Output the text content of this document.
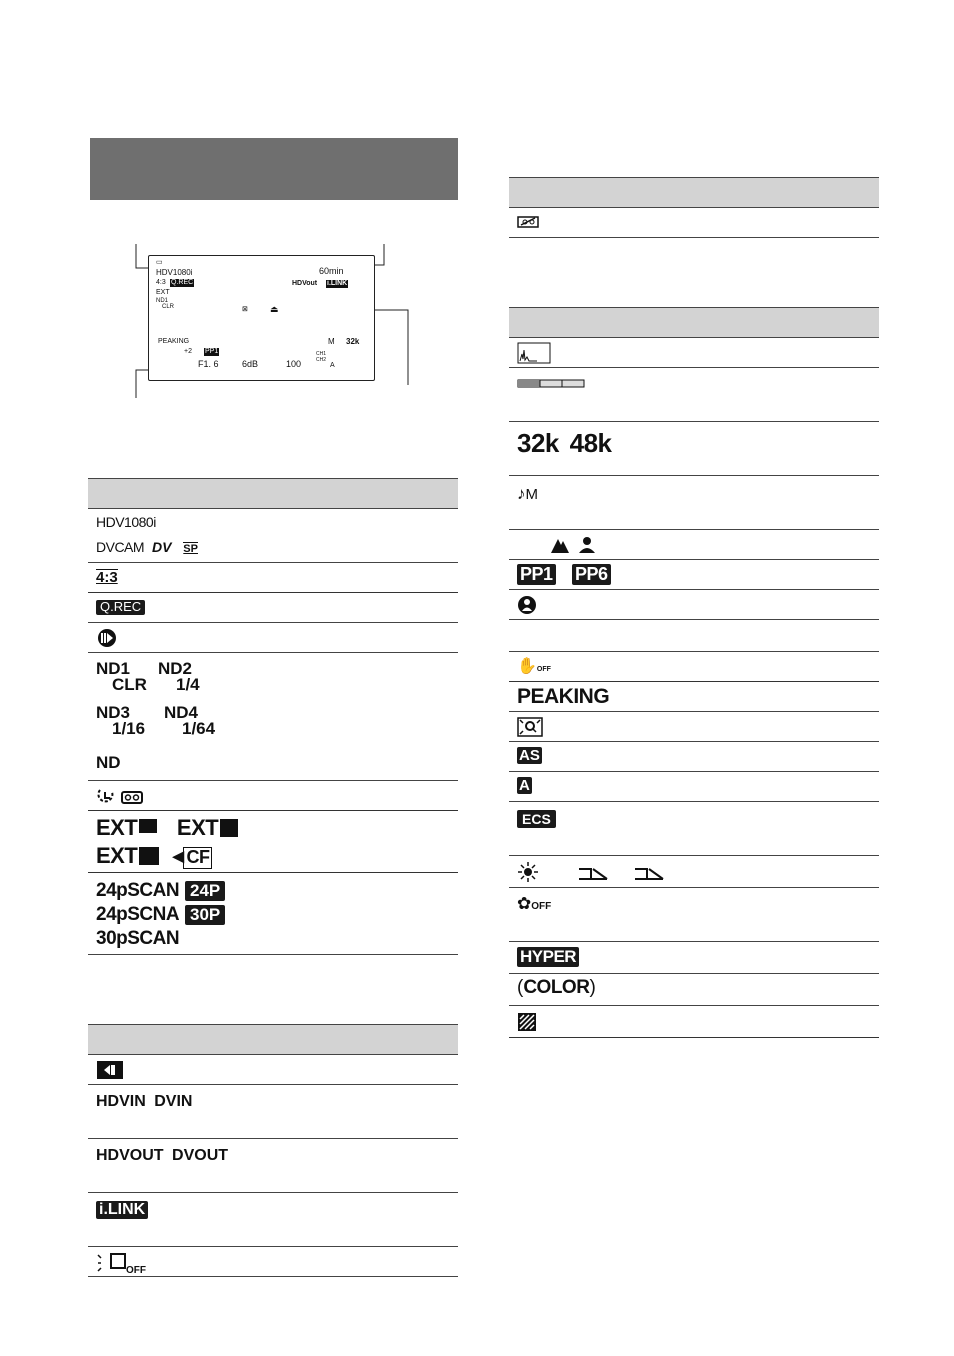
▭
HDV1080i
4:3 Q.REC
EXT
ND1
CLR
60min
HDVout i.LINK
⊠ ⏏
PEAKING
+2 PP1
F1. 6	6dB	100
M 32k
CH1
CH2
A
HDV1080i
DVCAM DV SP
4:3
Q.REC
ND1
CLR
ND2
1/4
ND3
1/16
ND4
1/64
ND
EXT EXT
EXT ◂ CF
24pSCAN
24pSCNA
30pSCAN
24P
30P
HDVIN DVIN
HDVOUT DVOUT
i.LINK
OFF
32k 48k
♪M
PP1 PP6
✋OFF
PEAKING
AS
A
ECS
✿OFF
HYPER
(COLOR)
